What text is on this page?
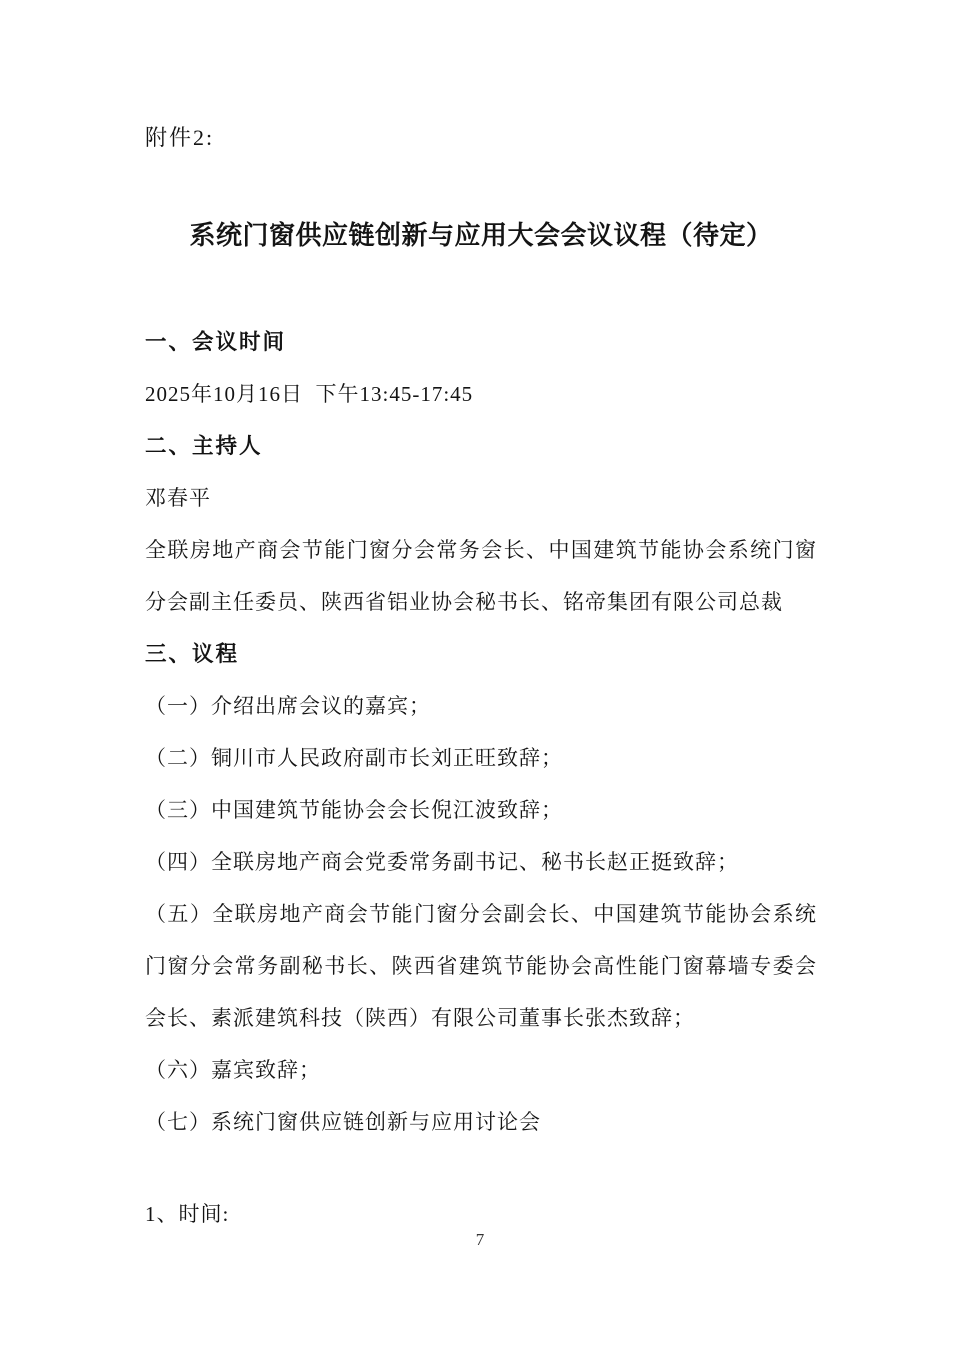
附件2:

系统门窗供应链创新与应用大会会议议程（待定）

一、会议时间

2025年10月16日  下午13:45-17:45

二、主持人

邓春平

全联房地产商会节能门窗分会常务会长、中国建筑节能协会系统门窗分会副主任委员、陕西省铝业协会秘书长、铭帝集团有限公司总裁

三、议程

（一）介绍出席会议的嘉宾；

（二）铜川市人民政府副市长刘正旺致辞；

（三）中国建筑节能协会会长倪江波致辞；

（四）全联房地产商会党委常务副书记、秘书长赵正挺致辞；

（五）全联房地产商会节能门窗分会副会长、中国建筑节能协会系统门窗分会常务副秘书长、陕西省建筑节能协会高性能门窗幕墙专委会会长、素派建筑科技（陕西）有限公司董事长张杰致辞；

（六）嘉宾致辞；

（七）系统门窗供应链创新与应用讨论会

1、时间:

7
